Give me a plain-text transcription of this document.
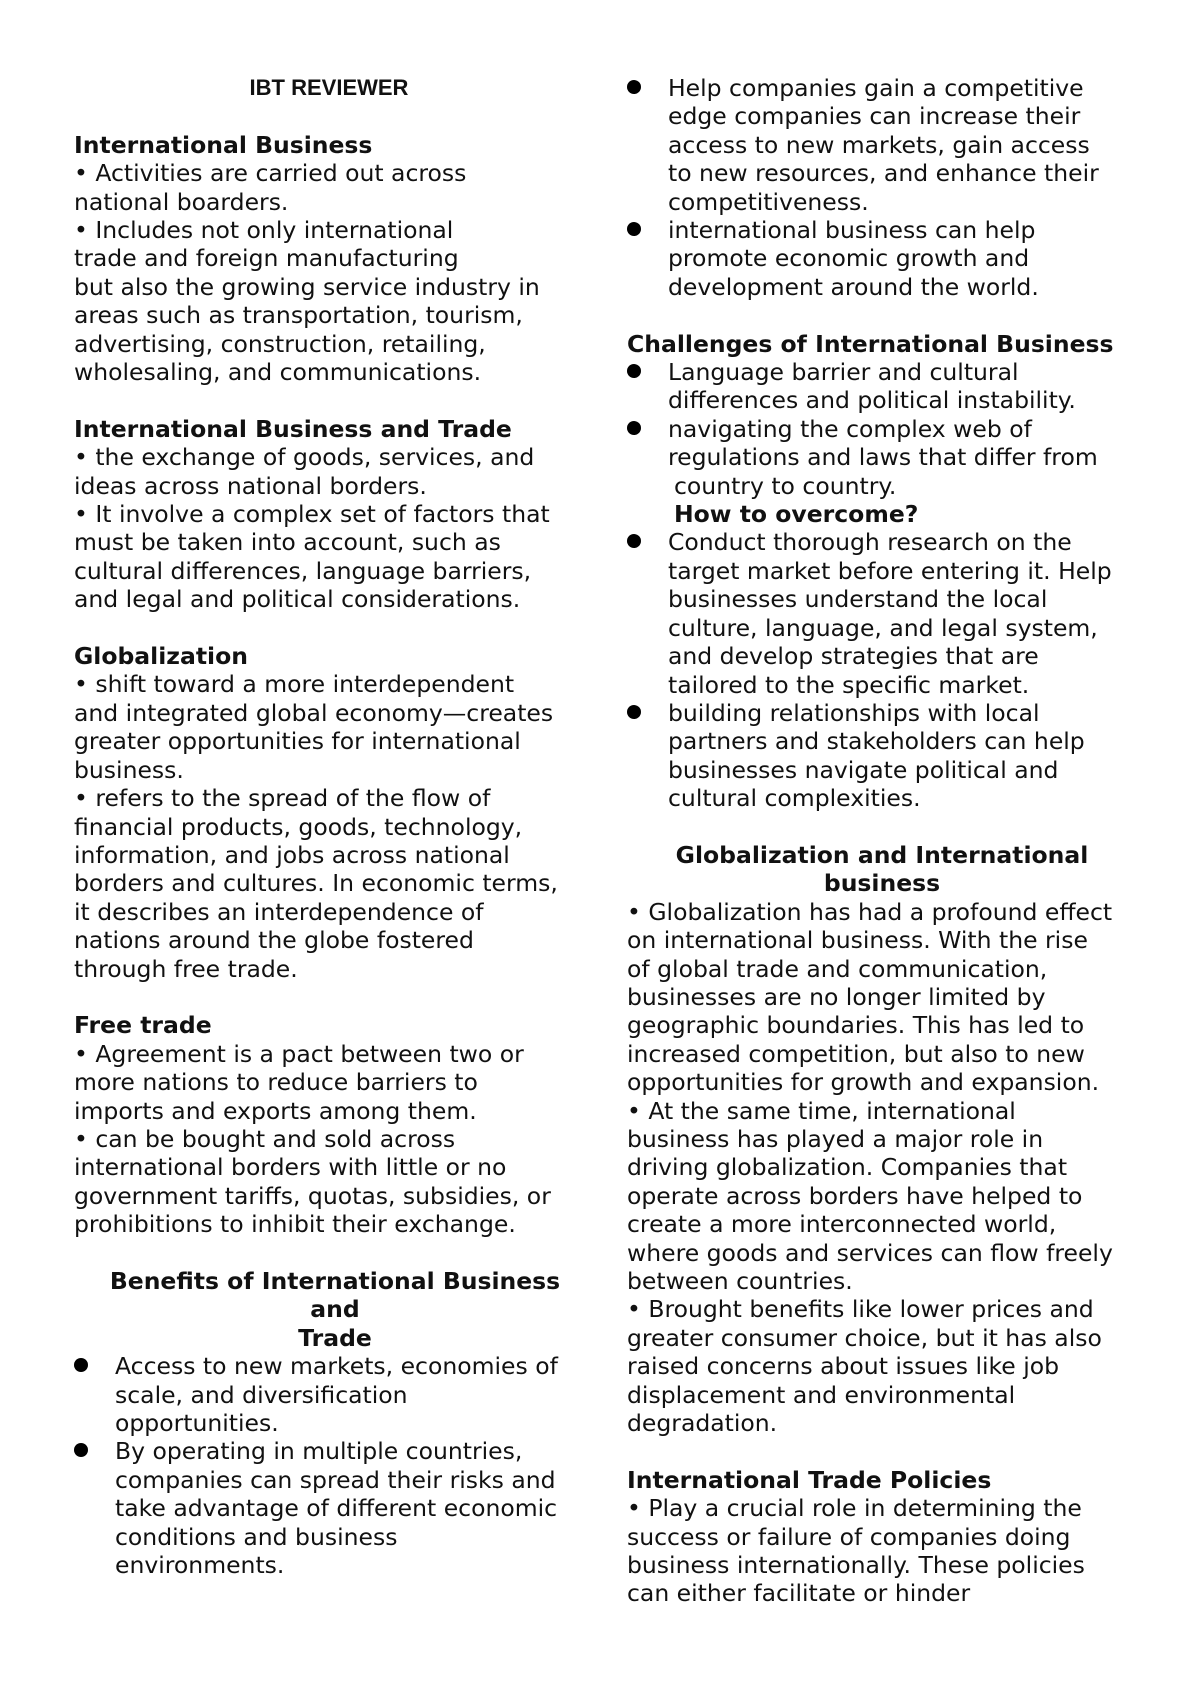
IBT REVIEWER
International Business
• Activities are carried out across
national boarders.
• Includes not only international
trade and foreign manufacturing
but also the growing service industry in
areas such as transportation, tourism,
advertising, construction, retailing,
wholesaling, and communications.
International Business and Trade
• the exchange of goods, services, and
ideas across national borders.
• It involve a complex set of factors that
must be taken into account, such as
cultural differences, language barriers,
and legal and political considerations.
Globalization
• shift toward a more interdependent
and integrated global economy—creates
greater opportunities for international
business.
• refers to the spread of the flow of
financial products, goods, technology,
information, and jobs across national
borders and cultures. In economic terms,
it describes an interdependence of
nations around the globe fostered
through free trade.
Free trade
• Agreement is a pact between two or
more nations to reduce barriers to
imports and exports among them.
• can be bought and sold across
international borders with little or no
government tariffs, quotas, subsidies, or
prohibitions to inhibit their exchange.
Benefits of International Business
and
Trade
Access to new markets, economies of
scale, and diversification
opportunities.
By operating in multiple countries,
companies can spread their risks and
take advantage of different economic
conditions and business
environments.
Help companies gain a competitive
edge companies can increase their
access to new markets, gain access
to new resources, and enhance their
competitiveness.
international business can help
promote economic growth and
development around the world.
Challenges of International Business
Language barrier and cultural
differences and political instability.
navigating the complex web of
regulations and laws that differ from
country to country.
How to overcome?
Conduct thorough research on the
target market before entering it. Help
businesses understand the local
culture, language, and legal system,
and develop strategies that are
tailored to the specific market.
building relationships with local
partners and stakeholders can help
businesses navigate political and
cultural complexities.
Globalization and International
business
• Globalization has had a profound effect
on international business. With the rise
of global trade and communication,
businesses are no longer limited by
geographic boundaries. This has led to
increased competition, but also to new
opportunities for growth and expansion.
• At the same time, international
business has played a major role in
driving globalization. Companies that
operate across borders have helped to
create a more interconnected world,
where goods and services can flow freely
between countries.
• Brought benefits like lower prices and
greater consumer choice, but it has also
raised concerns about issues like job
displacement and environmental
degradation.
International Trade Policies
• Play a crucial role in determining the
success or failure of companies doing
business internationally. These policies
can either facilitate or hinder
